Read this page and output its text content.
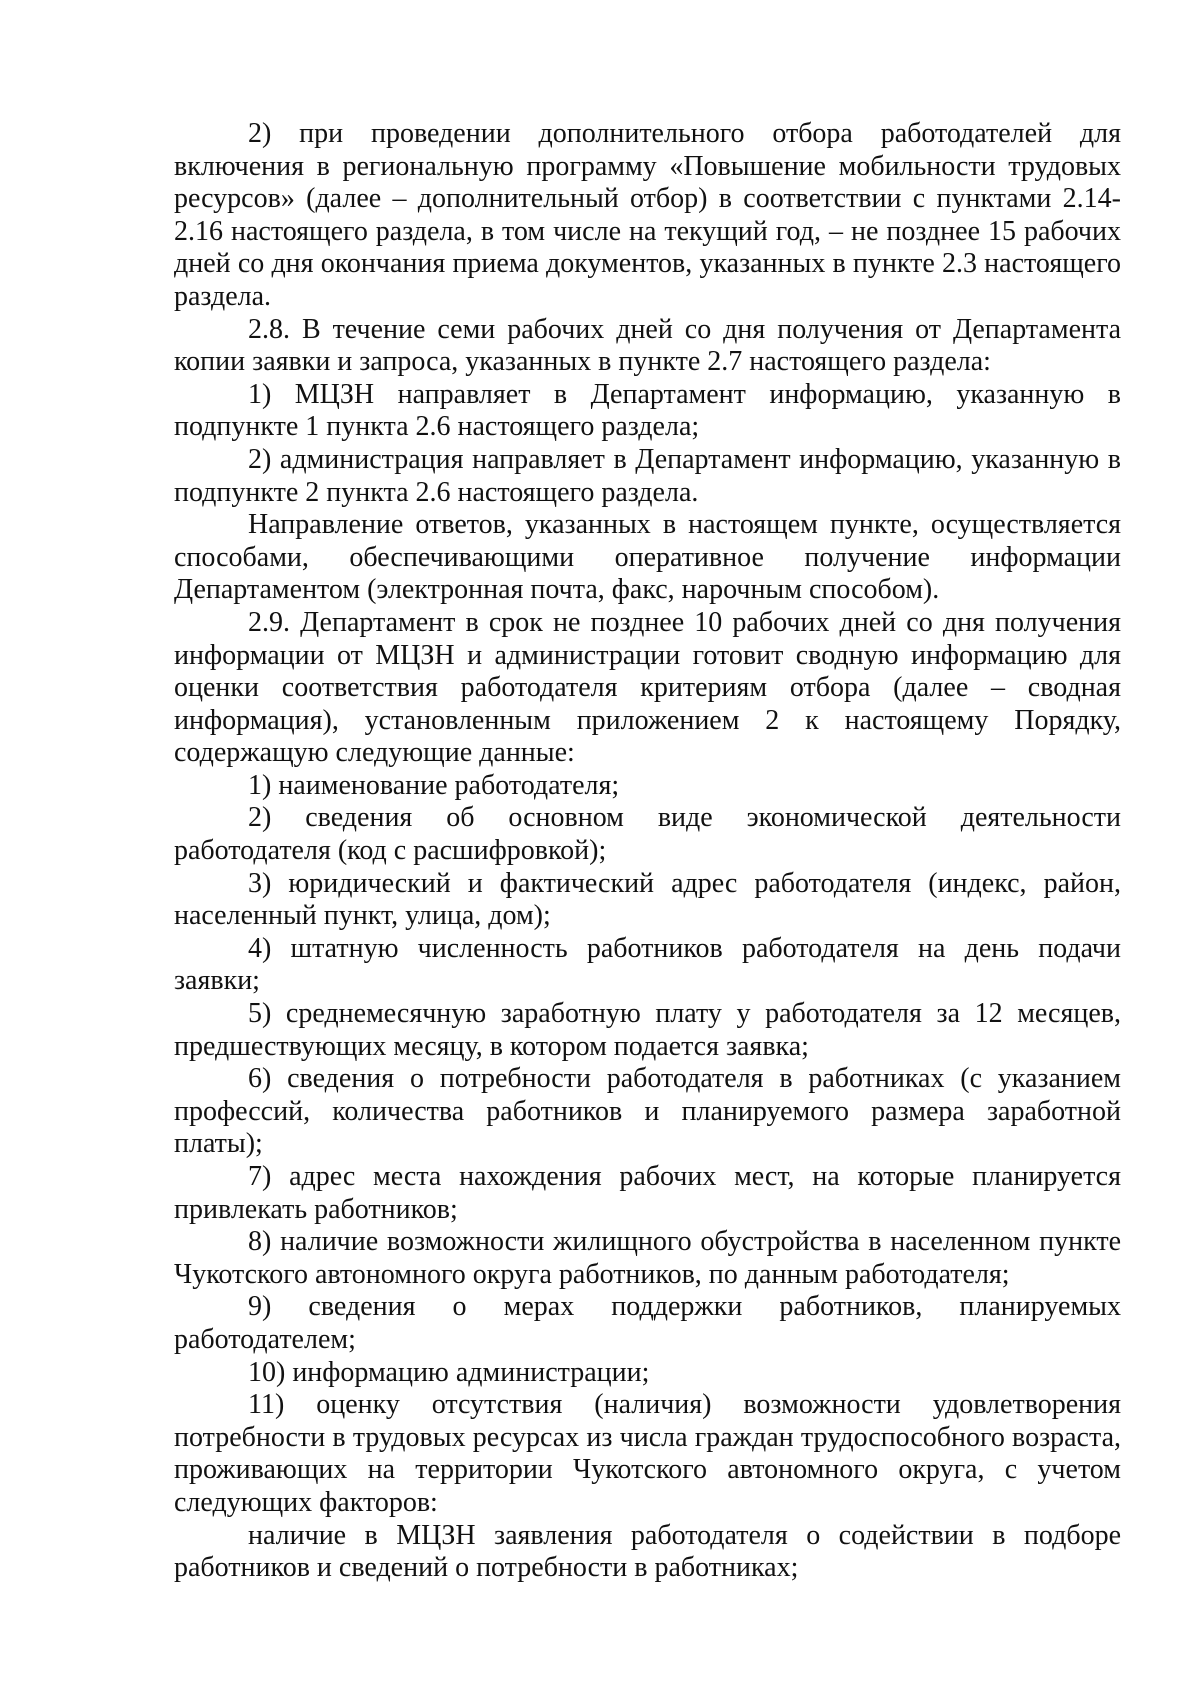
2) при проведении дополнительного отбора работодателей для включения в региональную программу «Повышение мобильности трудовых ресурсов» (далее – дополнительный отбор) в соответствии с пунктами 2.14-2.16 настоящего раздела, в том числе на текущий год, – не позднее 15 рабочих дней со дня окончания приема документов, указанных в пункте 2.3 настоящего раздела.

2.8. В течение семи рабочих дней со дня получения от Департамента копии заявки и запроса, указанных в пункте 2.7 настоящего раздела:

1) МЦЗН направляет в Департамент информацию, указанную в подпункте 1 пункта 2.6 настоящего раздела;

2) администрация направляет в Департамент информацию, указанную в подпункте 2 пункта 2.6 настоящего раздела.

Направление ответов, указанных в настоящем пункте, осуществляется способами, обеспечивающими оперативное получение информации Департаментом (электронная почта, факс, нарочным способом).

2.9. Департамент в срок не позднее 10 рабочих дней со дня получения информации от МЦЗН и администрации готовит сводную информацию для оценки соответствия работодателя критериям отбора (далее – сводная информация), установленным приложением 2 к настоящему Порядку, содержащую следующие данные:

1) наименование работодателя;

2) сведения об основном виде экономической деятельности работодателя (код с расшифровкой);

3) юридический и фактический адрес работодателя (индекс, район, населенный пункт, улица, дом);

4) штатную численность работников работодателя на день подачи заявки;

5) среднемесячную заработную плату у работодателя за 12 месяцев, предшествующих месяцу, в котором подается заявка;

6) сведения о потребности работодателя в работниках (с указанием профессий, количества работников и планируемого размера заработной платы);

7) адрес места нахождения рабочих мест, на которые планируется привлекать работников;

8) наличие возможности жилищного обустройства в населенном пункте Чукотского автономного округа работников, по данным работодателя;

9) сведения о мерах поддержки работников, планируемых работодателем;

10) информацию администрации;

11) оценку отсутствия (наличия) возможности удовлетворения потребности в трудовых ресурсах из числа граждан трудоспособного возраста, проживающих на территории Чукотского автономного округа, с учетом следующих факторов:

наличие в МЦЗН заявления работодателя о содействии в подборе работников и сведений о потребности в работниках;
